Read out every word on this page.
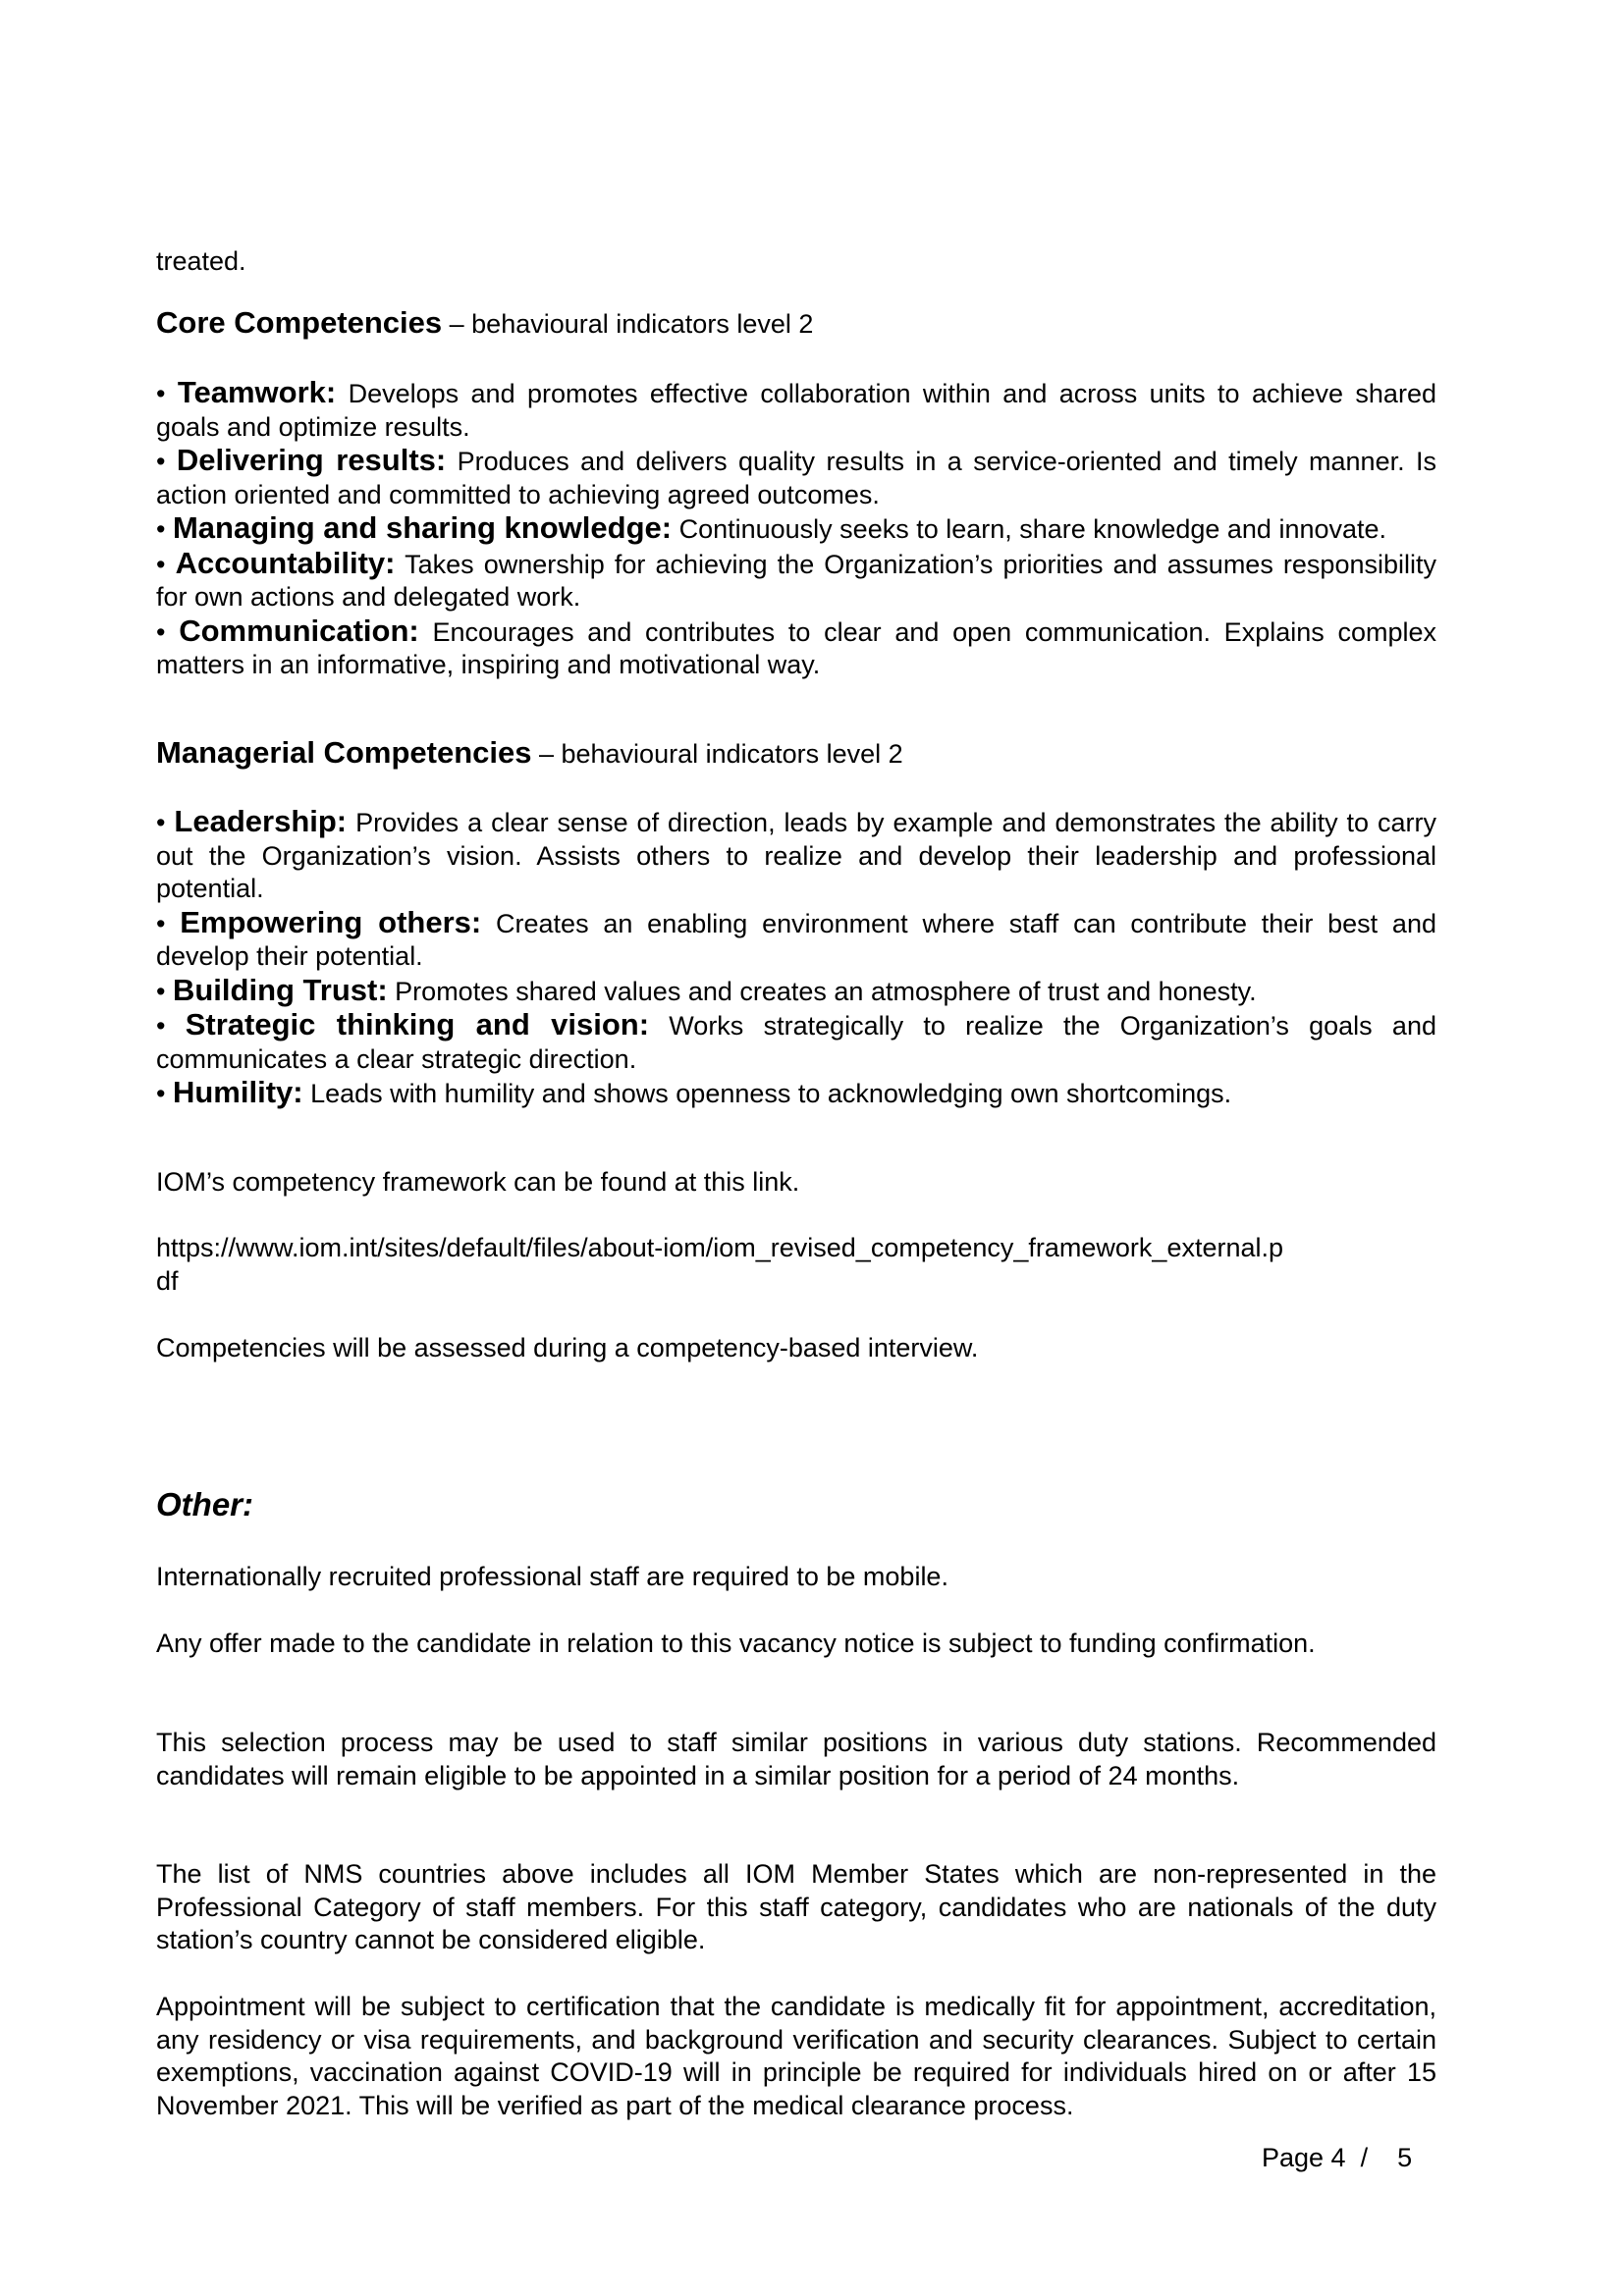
treated.

Core Competencies – behavioural indicators level 2

• Teamwork: Develops and promotes effective collaboration within and across units to achieve shared goals and optimize results.

• Delivering results: Produces and delivers quality results in a service-oriented and timely manner. Is action oriented and committed to achieving agreed outcomes.

• Managing and sharing knowledge: Continuously seeks to learn, share knowledge and innovate.

• Accountability: Takes ownership for achieving the Organization’s priorities and assumes responsibility for own actions and delegated work.

• Communication: Encourages and contributes to clear and open communication. Explains complex matters in an informative, inspiring and motivational way.

Managerial Competencies – behavioural indicators level 2

• Leadership: Provides a clear sense of direction, leads by example and demonstrates the ability to carry out the Organization’s vision. Assists others to realize and develop their leadership and professional potential.

• Empowering others: Creates an enabling environment where staff can contribute their best and develop their potential.

• Building Trust: Promotes shared values and creates an atmosphere of trust and honesty.

• Strategic thinking and vision: Works strategically to realize the Organization’s goals and communicates a clear strategic direction.

• Humility: Leads with humility and shows openness to acknowledging own shortcomings.

IOM’s competency framework can be found at this link.

https://www.iom.int/sites/default/files/about-iom/iom_revised_competency_framework_external.p
df

Competencies will be assessed during a competency-based interview.

Other:

Internationally recruited professional staff are required to be mobile.

Any offer made to the candidate in relation to this vacancy notice is subject to funding confirmation.

This selection process may be used to staff similar positions in various duty stations. Recommended candidates will remain eligible to be appointed in a similar position for a period of 24 months.

The list of NMS countries above includes all IOM Member States which are non-represented in the Professional Category of staff members. For this staff category, candidates who are nationals of the duty station’s country cannot be considered eligible.

Appointment will be subject to certification that the candidate is medically fit for appointment, accreditation, any residency or visa requirements, and background verification and security clearances. Subject to certain exemptions, vaccination against COVID-19 will in principle be required for individuals hired on or after 15 November 2021. This will be verified as part of the medical clearance process.

Page 4  /    5
